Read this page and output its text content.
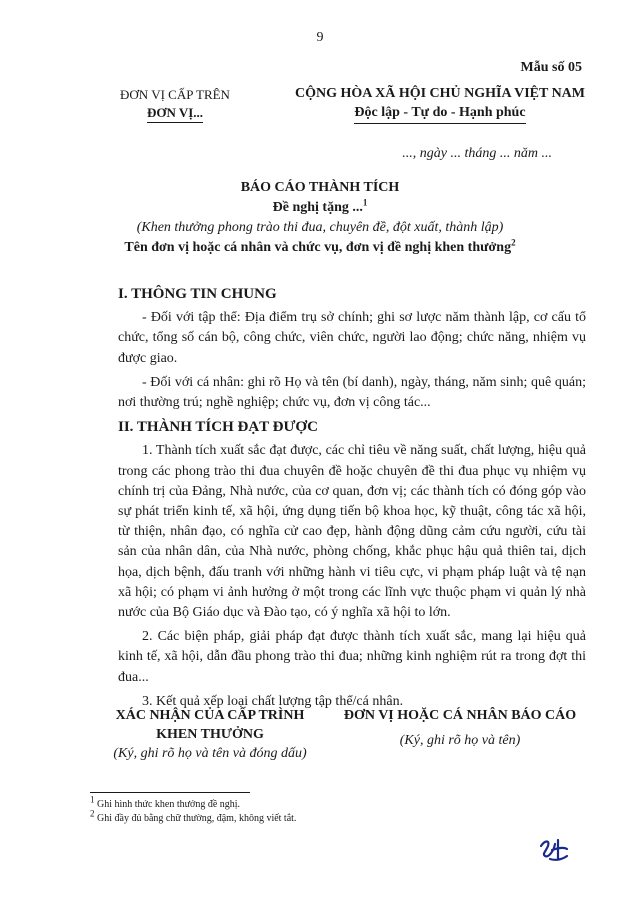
9
Mẫu số 05
ĐƠN VỊ CẤP TRÊN
ĐƠN VỊ...
CỘNG HÒA XÃ HỘI CHỦ NGHĨA VIỆT NAM
Độc lập - Tự do - Hạnh phúc
..., ngày ... tháng ... năm ...
BÁO CÁO THÀNH TÍCH
Đề nghị tặng ...$^1$
(Khen thưởng phong trào thi đua, chuyên đề, đột xuất, thành lập)
Tên đơn vị hoặc cá nhân và chức vụ, đơn vị đề nghị khen thưởng$^2$
I. THÔNG TIN CHUNG

- Đối với tập thể: Địa điểm trụ sở chính; ghi sơ lược năm thành lập, cơ cấu tổ chức, tổng số cán bộ, công chức, viên chức, người lao động; chức năng, nhiệm vụ được giao.

- Đối với cá nhân: ghi rõ Họ và tên (bí danh), ngày, tháng, năm sinh; quê quán; nơi thường trú; nghề nghiệp; chức vụ, đơn vị công tác...

II. THÀNH TÍCH ĐẠT ĐƯỢC

1. Thành tích xuất sắc đạt được, các chỉ tiêu về năng suất, chất lượng, hiệu quả trong các phong trào thi đua chuyên đề hoặc chuyên đề thi đua phục vụ nhiệm vụ chính trị của Đảng, Nhà nước, của cơ quan, đơn vị; các thành tích có đóng góp vào sự phát triển kinh tế, xã hội, ứng dụng tiến bộ khoa học, kỹ thuật, công tác xã hội, từ thiện, nhân đạo, có nghĩa cử cao đẹp, hành động dũng cảm cứu người, cứu tài sản của nhân dân, của Nhà nước, phòng chống, khắc phục hậu quả thiên tai, dịch họa, dịch bệnh, đấu tranh với những hành vi tiêu cực, vi phạm pháp luật và tệ nạn xã hội; có phạm vi ảnh hưởng ở một trong các lĩnh vực thuộc phạm vi quản lý nhà nước của Bộ Giáo dục và Đào tạo, có ý nghĩa xã hội to lớn.

2. Các biện pháp, giải pháp đạt được thành tích xuất sắc, mang lại hiệu quả kinh tế, xã hội, dẫn đầu phong trào thi đua; những kinh nghiệm rút ra trong đợt thi đua...

3. Kết quả xếp loại chất lượng tập thể/cá nhân.

XÁC NHẬN CỦA CẤP TRÌNH
KHEN THƯỞNG
(Ký, ghi rõ họ và tên và đóng dấu)
ĐƠN VỊ HOẶC CÁ NHÂN BÁO CÁO
(Ký, ghi rõ họ và tên)
$^1$ Ghi hình thức khen thưởng đề nghị.
$^2$ Ghi đầy đủ bằng chữ thường, đậm, không viết tắt.
